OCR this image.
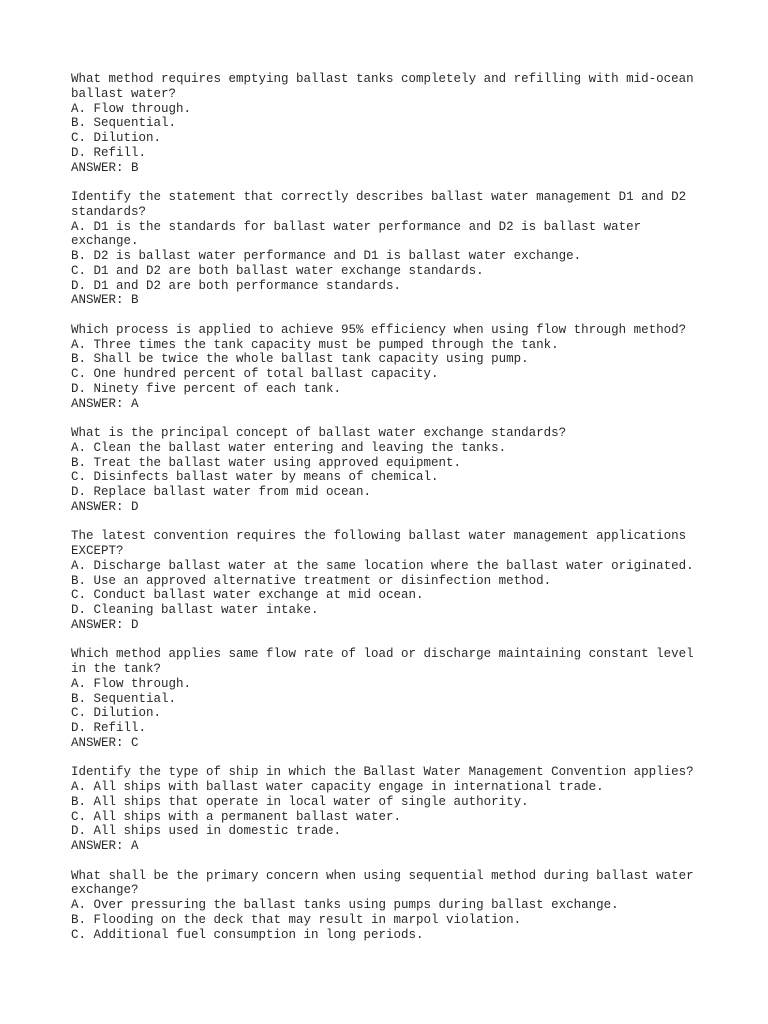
What method requires emptying ballast tanks completely and refilling with mid-ocean
ballast water?
A. Flow through.
B. Sequential.
C. Dilution.
D. Refill.
ANSWER: B
Identify the statement that correctly describes ballast water management D1 and D2
standards?
A. D1 is the standards for ballast water performance and D2 is ballast water
exchange.
B. D2 is ballast water performance and D1 is ballast water exchange.
C. D1 and D2 are both ballast water exchange standards.
D. D1 and D2 are both performance standards.
ANSWER: B
Which process is applied to achieve 95% efficiency when using flow through method?
A. Three times the tank capacity must be pumped through the tank.
B. Shall be twice the whole ballast tank capacity using pump.
C. One hundred percent of total ballast capacity.
D. Ninety five percent of each tank.
ANSWER: A
What is the principal concept of ballast water exchange standards?
A. Clean the ballast water entering and leaving the tanks.
B. Treat the ballast water using approved equipment.
C. Disinfects ballast water by means of chemical.
D. Replace ballast water from mid ocean.
ANSWER: D
The latest convention requires the following ballast water management applications
EXCEPT?
A. Discharge ballast water at the same location where the ballast water originated.
B. Use an approved alternative treatment or disinfection method.
C. Conduct ballast water exchange at mid ocean.
D. Cleaning ballast water intake.
ANSWER: D
Which method applies same flow rate of load or discharge maintaining constant level
in the tank?
A. Flow through.
B. Sequential.
C. Dilution.
D. Refill.
ANSWER: C
Identify the type of ship in which the Ballast Water Management Convention applies?
A. All ships with ballast water capacity engage in international trade.
B. All ships that operate in local water of single authority.
C. All ships with a permanent ballast water.
D. All ships used in domestic trade.
ANSWER: A
What shall be the primary concern when using sequential method during ballast water
exchange?
A. Over pressuring the ballast tanks using pumps during ballast exchange.
B. Flooding on the deck that may result in marpol violation.
C. Additional fuel consumption in long periods.
